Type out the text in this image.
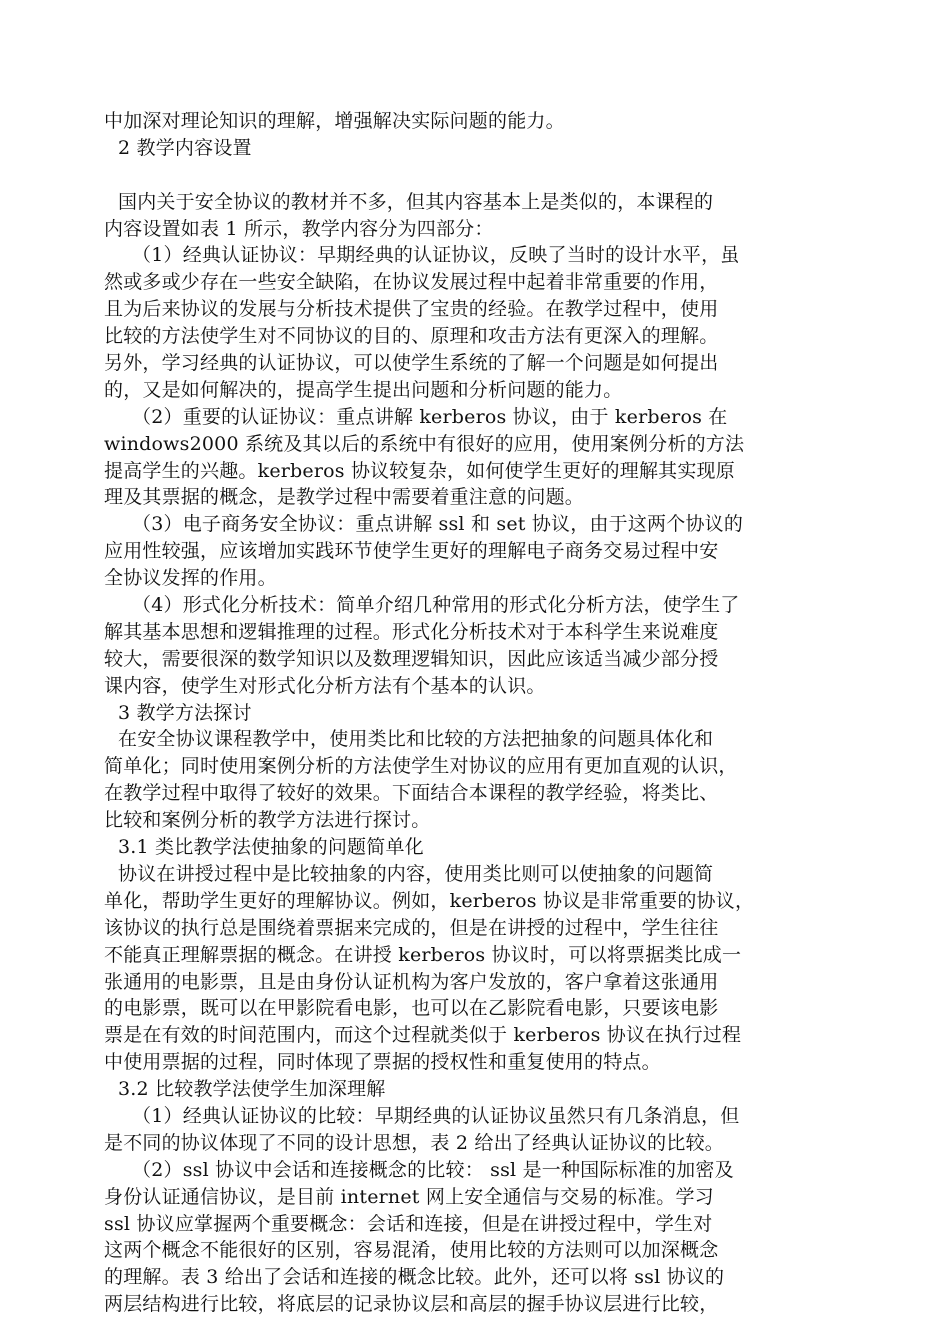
中加深对理论知识的理解，增强解决实际问题的能力。
2 教学内容设置
国内关于安全协议的教材并不多，但其内容基本上是类似的，本课程的
内容设置如表 1 所示，教学内容分为四部分：
（1）经典认证协议：早期经典的认证协议，反映了当时的设计水平，虽
然或多或少存在一些安全缺陷，在协议发展过程中起着非常重要的作用，
且为后来协议的发展与分析技术提供了宝贵的经验。在教学过程中，使用
比较的方法使学生对不同协议的目的、原理和攻击方法有更深入的理解。
另外，学习经典的认证协议，可以使学生系统的了解一个问题是如何提出
的，又是如何解决的，提高学生提出问题和分析问题的能力。
（2）重要的认证协议：重点讲解 kerberos 协议，由于 kerberos 在
windows2000 系统及其以后的系统中有很好的应用，使用案例分析的方法
提高学生的兴趣。kerberos 协议较复杂，如何使学生更好的理解其实现原
理及其票据的概念，是教学过程中需要着重注意的问题。
（3）电子商务安全协议：重点讲解 ssl 和 set 协议，由于这两个协议的
应用性较强，应该增加实践环节使学生更好的理解电子商务交易过程中安
全协议发挥的作用。
（4）形式化分析技术：简单介绍几种常用的形式化分析方法，使学生了
解其基本思想和逻辑推理的过程。形式化分析技术对于本科学生来说难度
较大，需要很深的数学知识以及数理逻辑知识，因此应该适当减少部分授
课内容，使学生对形式化分析方法有个基本的认识。
3 教学方法探讨
在安全协议课程教学中，使用类比和比较的方法把抽象的问题具体化和
简单化；同时使用案例分析的方法使学生对协议的应用有更加直观的认识，
在教学过程中取得了较好的效果。下面结合本课程的教学经验，将类比、
比较和案例分析的教学方法进行探讨。
3.1 类比教学法使抽象的问题简单化
协议在讲授过程中是比较抽象的内容，使用类比则可以使抽象的问题简
单化，帮助学生更好的理解协议。例如，kerberos 协议是非常重要的协议，
该协议的执行总是围绕着票据来完成的，但是在讲授的过程中，学生往往
不能真正理解票据的概念。在讲授 kerberos 协议时，可以将票据类比成一
张通用的电影票，且是由身份认证机构为客户发放的，客户拿着这张通用
的电影票，既可以在甲影院看电影，也可以在乙影院看电影，只要该电影
票是在有效的时间范围内，而这个过程就类似于 kerberos 协议在执行过程
中使用票据的过程，同时体现了票据的授权性和重复使用的特点。
3.2 比较教学法使学生加深理解
（1）经典认证协议的比较：早期经典的认证协议虽然只有几条消息，但
是不同的协议体现了不同的设计思想，表 2 给出了经典认证协议的比较。
（2）ssl 协议中会话和连接概念的比较： ssl 是一种国际标准的加密及
身份认证通信协议，是目前 internet 网上安全通信与交易的标准。学习
ssl 协议应掌握两个重要概念：会话和连接，但是在讲授过程中，学生对
这两个概念不能很好的区别，容易混淆，使用比较的方法则可以加深概念
的理解。表 3 给出了会话和连接的概念比较。此外，还可以将 ssl 协议的
两层结构进行比较，将底层的记录协议层和高层的握手协议层进行比较，
